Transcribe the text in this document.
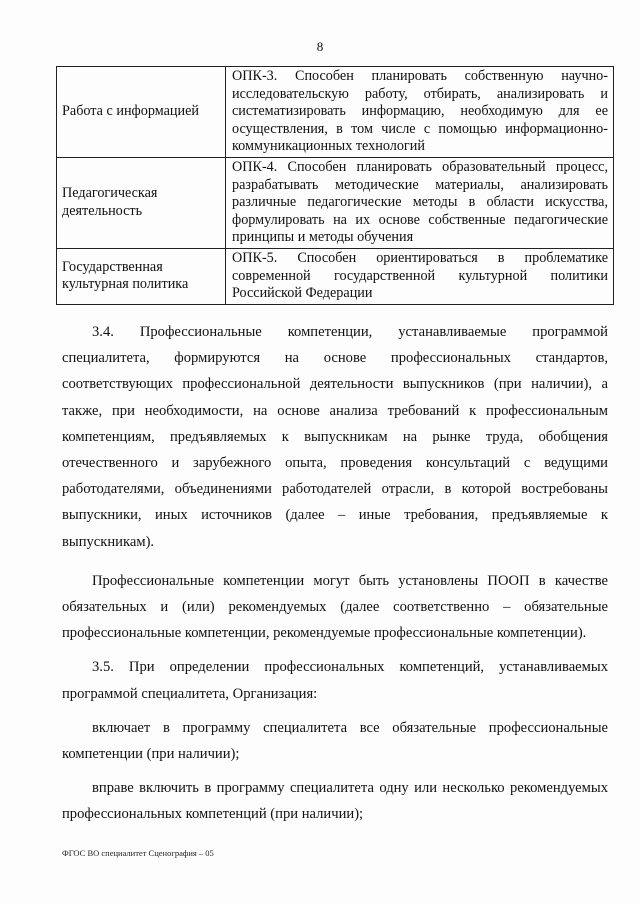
8
Работа с информацией	ОПК-3. Способен планировать собственную научно-исследовательскую работу, отбирать, анализировать и систематизировать информацию, необходимую для ее осуществления, в том числе с помощью информационно-коммуникационных технологий
Педагогическая деятельность	ОПК-4. Способен планировать образовательный процесс, разрабатывать методические материалы, анализировать различные педагогические методы в области искусства, формулировать на их основе собственные педагогические принципы и методы обучения
Государственная культурная политика	ОПК-5. Способен ориентироваться в проблематике современной государственной культурной политики Российской Федерации

3.4. Профессиональные компетенции, устанавливаемые программой специалитета, формируются на основе профессиональных стандартов, соответствующих профессиональной деятельности выпускников (при наличии), а также, при необходимости, на основе анализа требований к профессиональным компетенциям, предъявляемых к выпускникам на рынке труда, обобщения отечественного и зарубежного опыта, проведения консультаций с ведущими работодателями, объединениями работодателей отрасли, в которой востребованы выпускники, иных источников (далее – иные требования, предъявляемые к выпускникам).

Профессиональные компетенции могут быть установлены ПООП в качестве обязательных и (или) рекомендуемых (далее соответственно – обязательные профессиональные компетенции, рекомендуемые профессиональные компетенции).

3.5. При определении профессиональных компетенций, устанавливаемых программой специалитета, Организация:

включает в программу специалитета все обязательные профессиональные компетенции (при наличии);

вправе включить в программу специалитета одну или несколько рекомендуемых профессиональных компетенций (при наличии);

ФГОС ВО специалитет Сценография – 05
